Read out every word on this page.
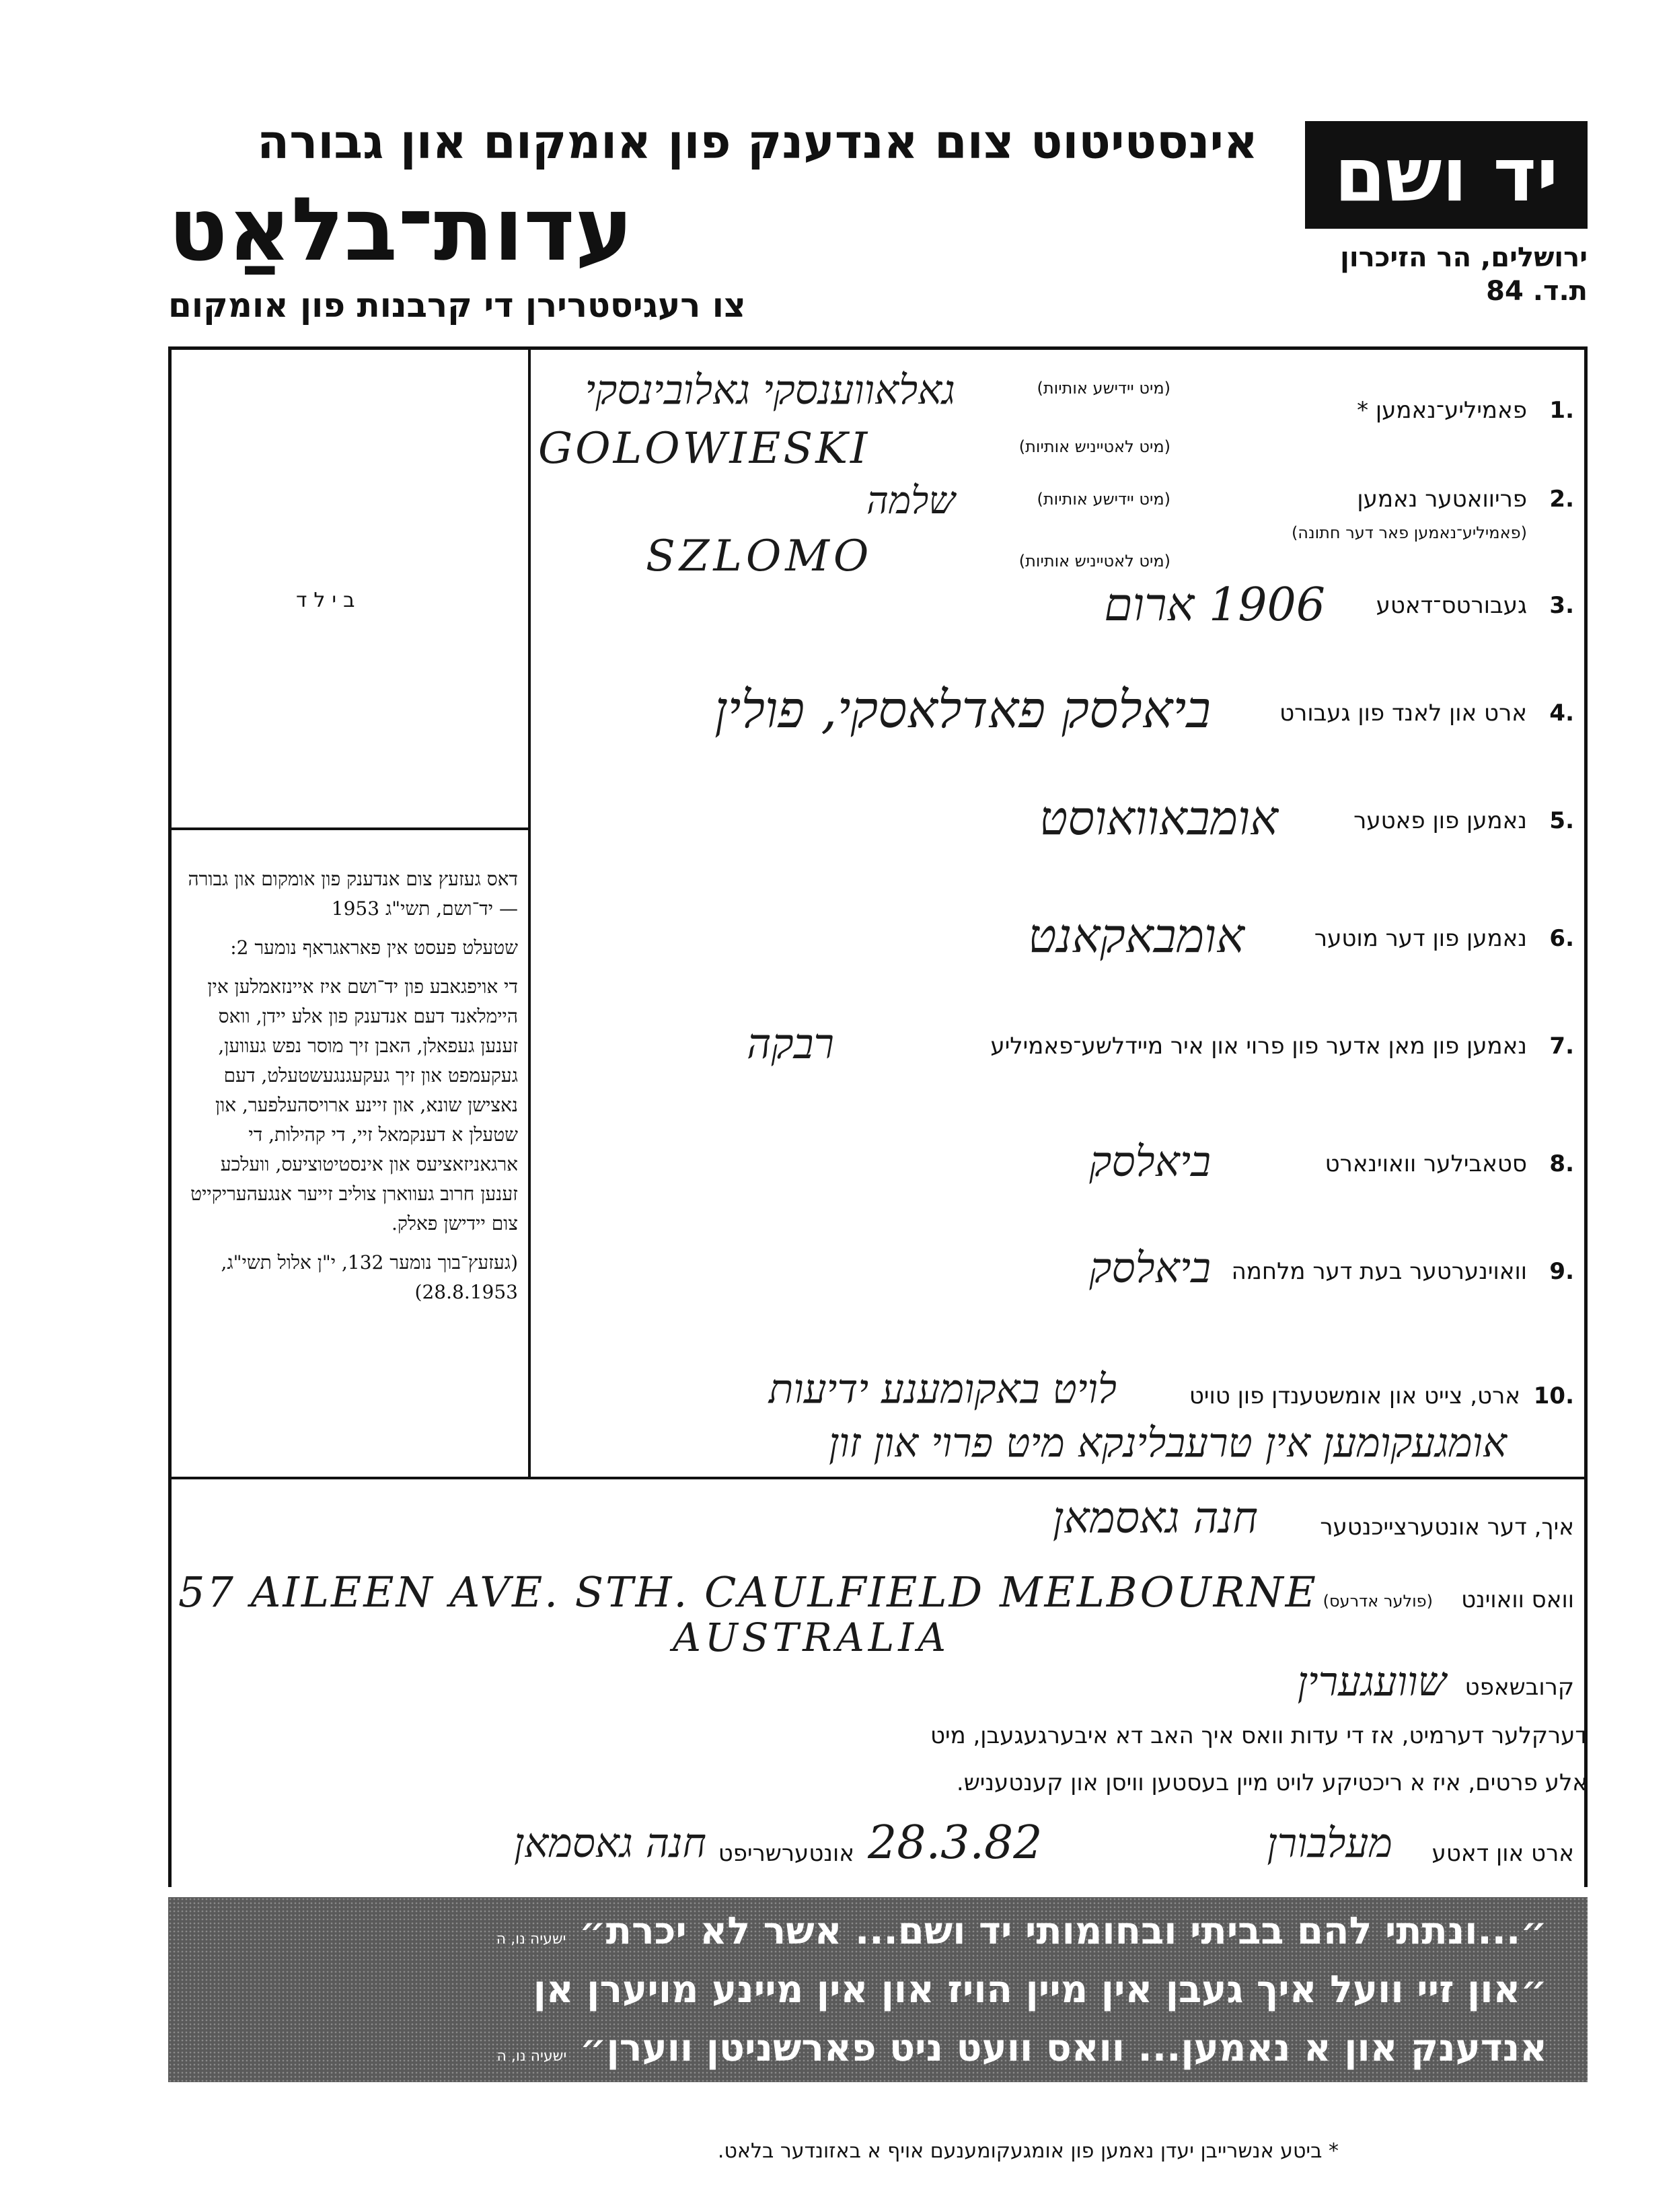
יד ושם
ירושלים, הר הזיכרון
ת.ד. 84
אינסטיטוט צום אנדענק פון אומקום און גבורה
עדות־בלאַט
צו רעגיסטרירן די קרבנות פון אומקום
בילד

דאס געזעץ צום אנדענק פון אומקום און גבורה — יד־ושם, תשי"ג 1953

שטעלט פעסט אין פאראגראף נומער 2:

די אויפגאבע פון יד־ושם איז איינזאמלען אין היימלאנד דעם אנדענק פון אלע יידן, וואס זענען געפאלן, האבן זיך מוסר נפש געווען, געקעמפט און זיך געקעגנגעשטעלט, דעם נאצישן שונא, און זיינע ארויסהעלפער, און שטעלן א דענקמאל זיי, די קהילות, די ארגאניזאציעס און אינסטיטוציעס, וועלכע זענען חרוב געווארן צוליב זייער אנגעהעריקייט צום יידישן פאלק.

(געזעץ־בוך נומער 132, י"ן אלול תשי"ג, 28.8.1953)

1.
פאמיליע־נאמען *
(מיט יידישע אותיות)
גאלאווענסקי גאלובינסקי
(מיט לאטייניש אותיות)
GOLOWIESKI
2.
פריוואטער נאמען
(פאמיליע־נאמען פאר דער חתונה)
(מיט יידישע אותיות)
שלמה
(מיט לאטייניש אותיות)
SZLOMO
3.
געבורטס־דאטע
1906 ארום
4.
ארט און לאנד פון געבורט
ביאלסק פאדלאסקי, פולין
5.
נאמען פון פאטער
אומבאוואוסט
6.
נאמען פון דער מוטער
אומבאקאנט
7.
נאמען פון מאן אדער פון פרוי און איר מיידלשע־פאמיליע
רבקה
8.
סטאבילער וואוינארט
ביאלסק
9.
וואוינערטער בעת דער מלחמה
ביאלסק
10.
ארט, צייט און אומשטענדן פון טויט
לויט באקומענע ידיעות
אומגעקומען אין טרעבלינקא מיט פרוי און זון
איך, דער אונטערצייכנטער
חנה גאסמאן
וואס וואוינט
(פולער אדרעס)
57 AILEEN AVE. STH. CAULFIELD MELBOURNE
AUSTRALIA
קרובשאפט
שוועגערין
דערקלער דערמיט, אז די עדות וואס איך האב דא איבערגעגעבן, מיט
אלע פרטים, איז א ריכטיקע לויט מיין בעסטען וויסן און קענטעניש.
ארט און דאטע
מעלבורן
28.3.82
אונטערשריפט
חנה גאסמאן
״...ונתתי להם בביתי ובחומותי יד ושם... אשר לא יכרת״ ישעיה נו, ה
״און זיי וועל איך געבן אין מיין הויז און אין מיינע מויערן אן
אנדענק און א נאמען... וואס וועט ניט פארשניטן ווערן״ ישעיה נו, ה
* ביטע אנשרייבן יעדן נאמען פון אומגעקומענעם אויף א באזונדער בלאט.
